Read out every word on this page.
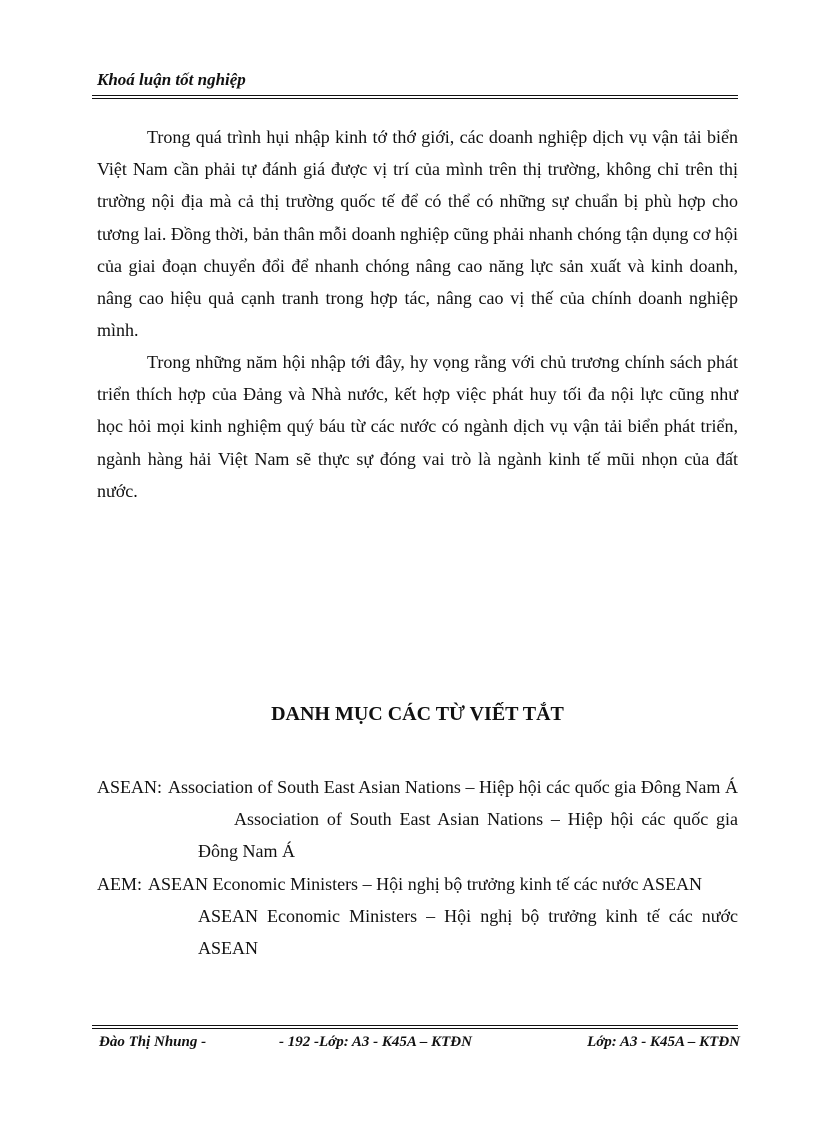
Khoá luận tốt nghiệp

Trong quá trình hụi nhập kinh tớ thớ giới, các doanh nghiệp dịch vụ vận tải biển Việt Nam cần phải tự đánh giá được vị trí của mình trên thị trường, không chỉ trên thị trường nội địa mà cả thị trường quốc tế để có thể có những sự chuẩn bị phù hợp cho tương lai. Đồng thời, bản thân mỗi doanh nghiệp cũng phải nhanh chóng tận dụng cơ hội của giai đoạn chuyển đổi để nhanh chóng nâng cao năng lực sản xuất và kinh doanh, nâng cao hiệu quả cạnh tranh trong hợp tác, nâng cao vị thế của chính doanh nghiệp mình.

Trong những năm hội nhập tới đây, hy vọng rằng với chủ trương chính sách phát triển thích hợp của Đảng và Nhà nước, kết hợp việc phát huy tối đa nội lực cũng như học hỏi mọi kinh nghiệm quý báu từ các nước có ngành dịch vụ vận tải biển phát triển, ngành hàng hải Việt Nam sẽ thực sự đóng vai trò là ngành kinh tế mũi nhọn của đất nước.

DANH MỤC CÁC TỪ VIẾT TẮT

ASEAN: Association of South East Asian Nations – Hiệp hội các quốc gia Đông Nam ÁAssociation of South East Asian Nations – Hiệp hội các quốc gia Đông Nam Á

AEM: ASEAN Economic Ministers – Hội nghị bộ trưởng kinh tế các nước ASEANASEAN Economic Ministers – Hội nghị bộ trưởng kinh tế các nước ASEAN

Đào Thị Nhung -	- 192 -Lớp: A3 - K45A – KTĐN	Lớp: A3 - K45A – KTĐN
